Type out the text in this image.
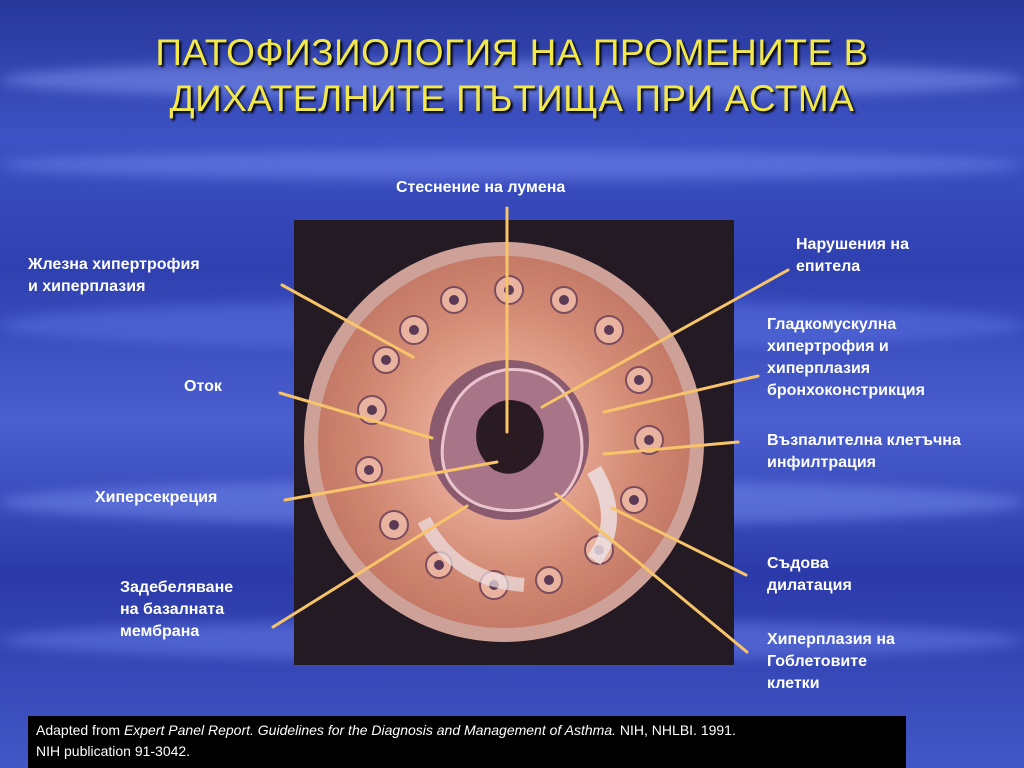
ПАТОФИЗИОЛОГИЯ НА ПРОМЕНИТЕ В
ДИХАТЕЛНИТЕ ПЪТИЩА ПРИ АСТМА
Стеснение на лумена
Жлезна хипертрофия
и хиперплазия
Оток
Хиперсекреция
Задебеляване
на базалната
мембрана
Нарушения на
епитела
Гладкомускулна
хипертрофия и
хиперплазия
бронхоконстрикция
Възпалителна клетъчна
инфилтрация
Съдова
дилатация
Хиперплазия на
Гоблетовите
клетки
Adapted from Expert Panel Report. Guidelines for the Diagnosis and Management of Asthma. NIH, NHLBI. 1991.
NIH publication 91-3042.
